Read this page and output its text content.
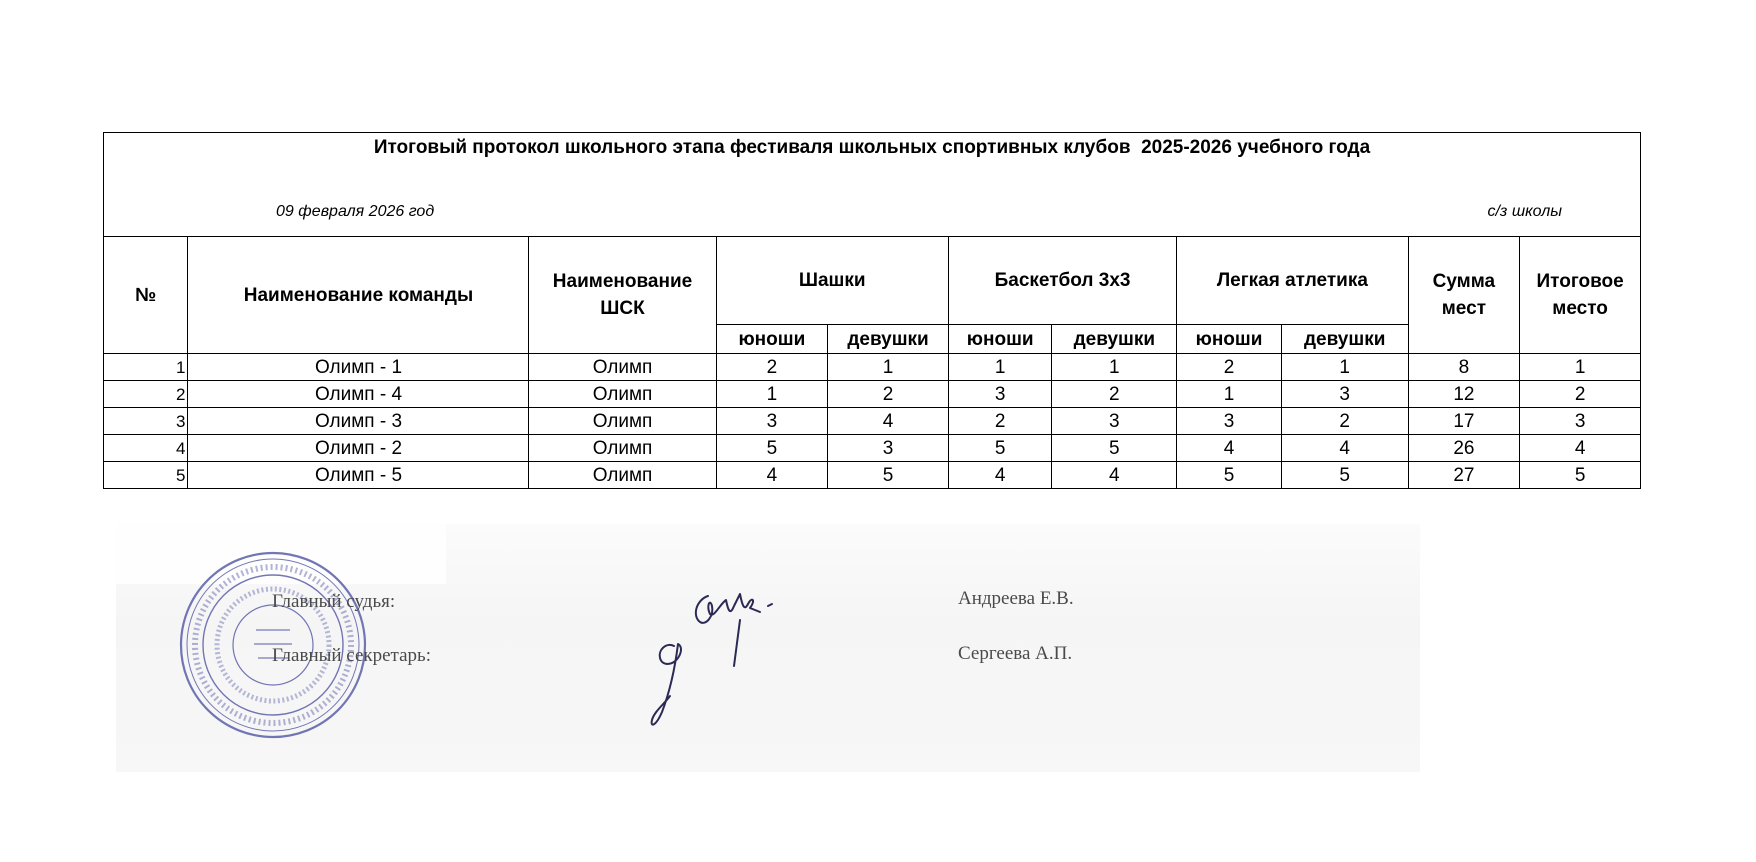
Итоговый протокол школьного этапа фестиваля школьных спортивных клубов  2025-2026 учебного года
09 февраля 2026 год	с/з школы
№	Наименование команды	Наименование ШСК	Шашки		Баскетбол 3х3		Легкая атлетика		Сумма мест	Итоговое место
			юноши	девушки	юноши	девушки	юноши	девушки		
1	Олимп - 1	Олимп	2	1	1	1	2	1	8	1
2	Олимп - 4	Олимп	1	2	3	2	1	3	12	2
3	Олимп - 3	Олимп	3	4	2	3	3	2	17	3
4	Олимп - 2	Олимп	5	3	5	5	4	4	26	4
5	Олимп - 5	Олимп	4	5	4	4	5	5	27	5
Главный судья:
Главный секретарь:
Андреева Е.В.
Сергеева А.П.
